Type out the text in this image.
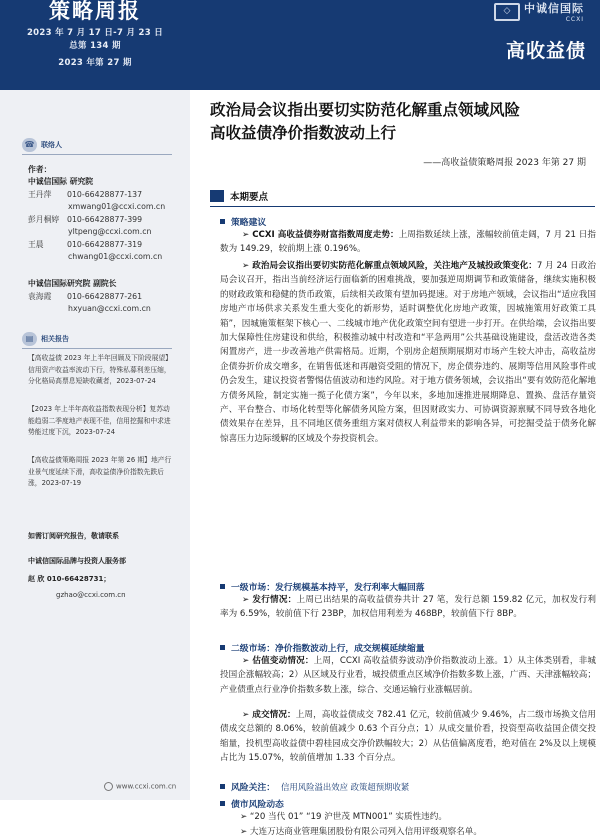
策略周报
2023 年 7 月 17 日-7 月 23 日
总第 134 期
2023 年第 27 期
◇	中诚信国际
CCXI
高收益债
☎ 联络人
作者：
中诚信国际 研究院
王丹萍	010-66428877-137
xmwang01@ccxi.com.cn
彭月桐婷 010-66428877-399
yltpeng@ccxi.com.cn
王晨	010-66428877-319
chwang01@ccxi.com.cn
中诚信国际研究院 副院长
袁海霞	010-66428877-261
hxyuan@ccxi.com.cn
▤	相关报告
【高收益债 2023 年上半年回顾及下阶段展望】信用资产收益率波动下行，特殊私募利差压缩，分化格局高票息短缺收藏者，2023-07-24
【2023 年上半年高收益指数表现分析】复苏动能趋弱二季度地产表现不佳，信用挖掘和中求进势能过度下沉，2023-07-24
【高收益债策略周报 2023 年第 26 期】地产行业景气度延续下滑，高收益债净价指数先跌后涨，2023-07-19
如需订阅研究报告，敬请联系
中诚信国际品牌与投资人服务部
赵 欣 010-66428731；
gzhao@ccxi.com.cn
www.ccxi.com.cn
政治局会议指出要切实防范化解重点领域风险
高收益债净价指数波动上行
——高收益债策略周报 2023 年第 27 期
本期要点
策略建议
➢ CCXI 高收益债券财富指数周度走势：上周指数延续上涨，涨幅较前值走阔，7 月 21 日指数为 149.29，较前期上涨 0.196%。
➢ 政治局会议指出要切实防范化解重点领域风险，关注地产及城投政策变化：7 月 24 日政治局会议召开，指出当前经济运行面临新的困难挑战，要加强逆周期调节和政策储备，继续实施积极的财政政策和稳健的货币政策，后续相关政策有望加码提速。对于房地产领域，会议指出“适应我国房地产市场供求关系发生重大变化的新形势，适时调整优化房地产政策，因城施策用好政策工具箱”，因城施策框架下核心一、二线城市地产优化政策空间有望进一步打开。在供给端，会议指出要加大保障性住房建设和供给，积极推动城中村改造和“平急两用”公共基础设施建设，盘活改造各类闲置房产，进一步改善地产供需格局。近期，个别房企超预期展期对市场产生较大冲击，高收益房企债券折价成交增多，在销售低迷和再融资受阻的情况下，房企债券违约、展期等信用风险事件或仍会发生，建议投资者警惕估值波动和违约风险。对于地方债务领域，会议指出“要有效防范化解地方债务风险，制定实施一揽子化债方案”，今年以来，多地加速推进展期降息、置换、盘活存量资产、平台整合、市场化转型等化解债务风险方案，但因财政实力、可协调资源禀赋不同导致各地化债效果存在差异，且不同地区债务重组方案对债权人利益带来的影响各异，可挖掘受益于债务化解惊喜压力边际缓解的区域及个券投资机会。
一级市场：发行规模基本持平，发行利率大幅回落
➢ 发行情况：上周已出结果的高收益债券共计 27 笔，发行总额 159.82 亿元，加权发行利率为 6.59%，较前值下行 23BP，加权信用利差为 468BP，较前值下行 8BP。
二级市场：净价指数波动上行，成交规模延续缩量
➢ 估值变动情况：上周，CCXI 高收益债券波动净价指数波动上涨。1）从主体类别看，非城投国企涨幅较高；2）从区域及行业看，城投债重点区域净价指数多数上涨，广西、天津涨幅较高；产业债重点行业净价指数多数上涨，综合、交通运输行业涨幅居前。
➢ 成交情况：上周，高收益债成交 782.41 亿元，较前值减少 9.46%，占二级市场换文信用债成交总额的 8.06%，较前值减少 0.63 个百分点；1）从成交量价看，投资型高收益国企债交投缩量，投机型高收益债中碧桂园成交净价跌幅较大；2）从估值偏离度看，绝对值在 2%及以上规模占比为 15.07%，较前值增加 1.33 个百分点。
风险关注： 信用风险溢出效应 政策超预期收紧
债市风险动态
➢ “20 当代 01” “19 沪世茂 MTN001” 实质性违约。
➢ 大连万达商业管理集团股份有限公司列入信用评级观察名单。
